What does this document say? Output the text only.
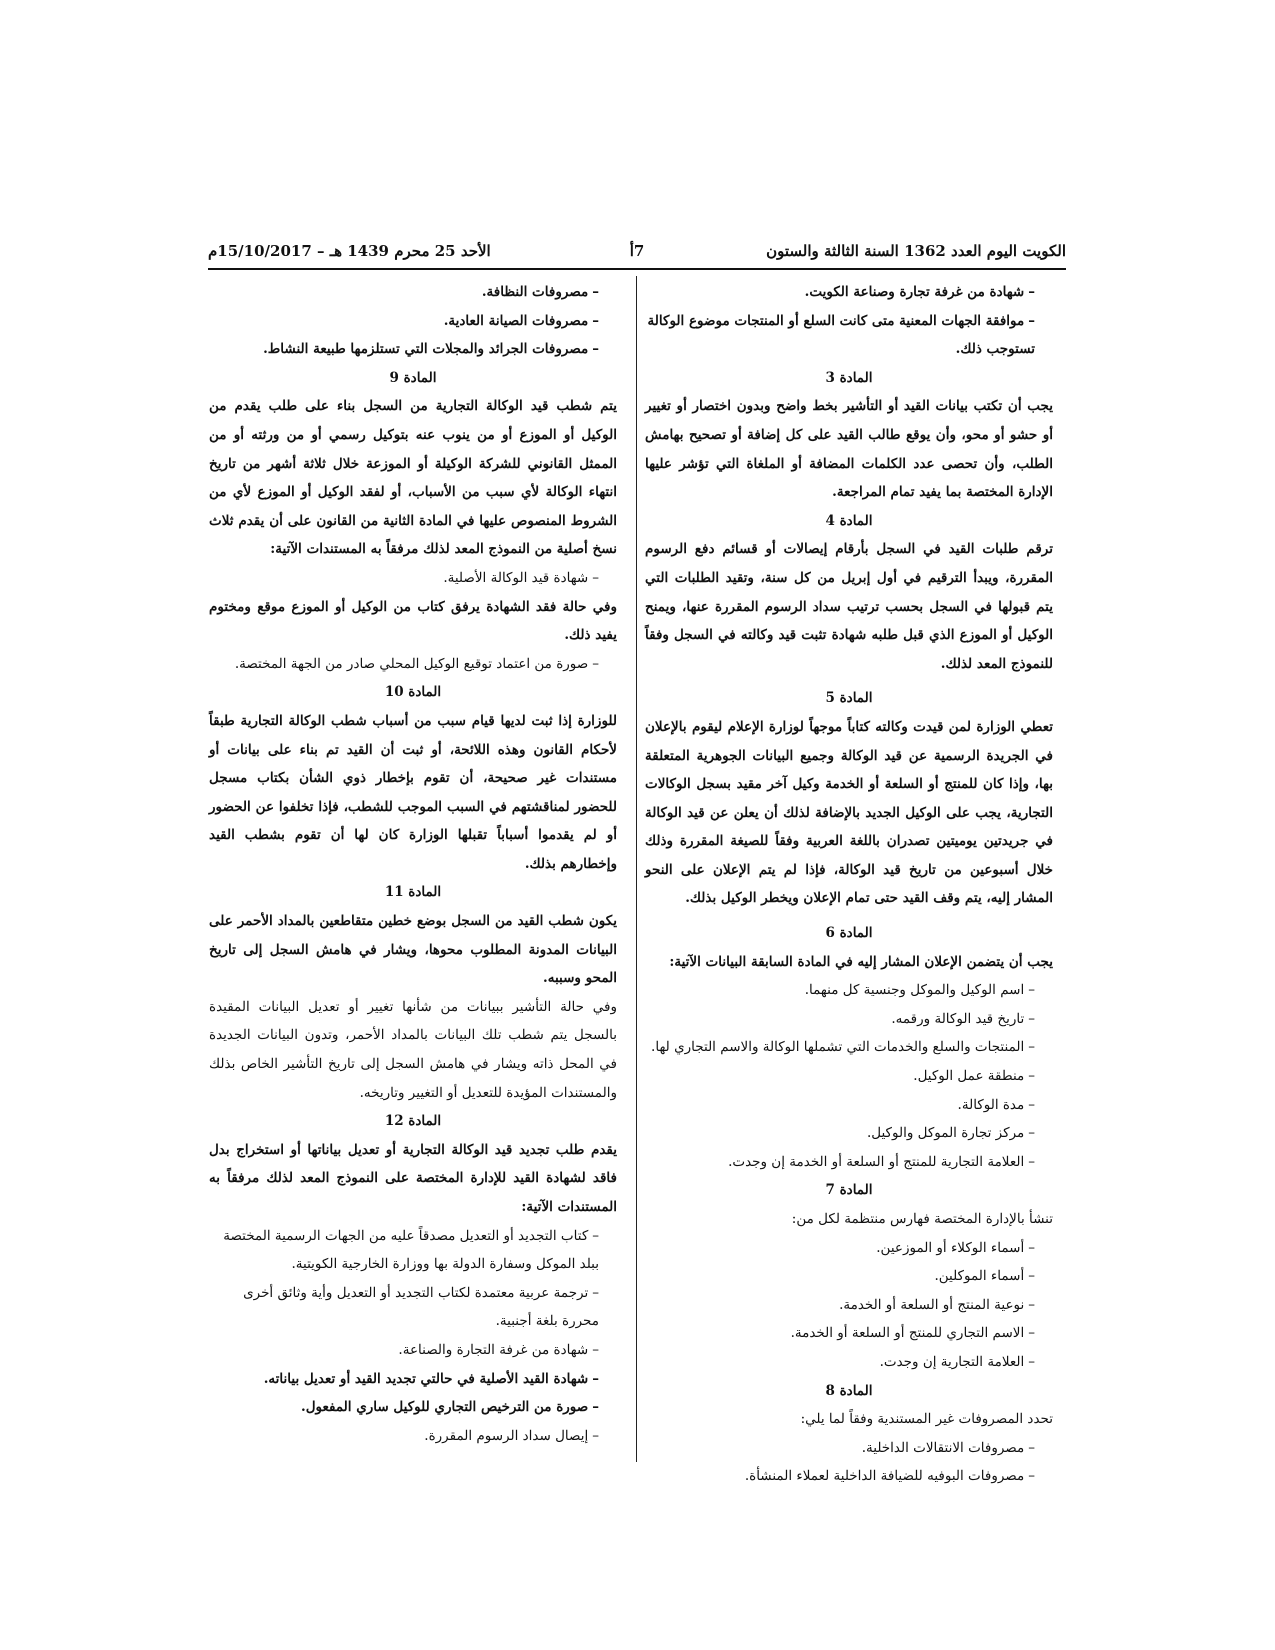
الكويت اليوم العدد 1362 السنة الثالثة والستون
7أ
الأحد 25 محرم 1439 هـ – 15/10/2017م

–شهادة من غرفة تجارة وصناعة الكويت.

–موافقة الجهات المعنية متى كانت السلع أو المنتجات موضوع الوكالة تستوجب ذلك.

المادة 3

يجب أن تكتب بيانات القيد أو التأشير بخط واضح وبدون اختصار أو تغيير أو حشو أو محو، وأن يوقع طالب القيد على كل إضافة أو تصحيح بهامش الطلب، وأن تحصى عدد الكلمات المضافة أو الملغاة التي تؤشر عليها الإدارة المختصة بما يفيد تمام المراجعة.

المادة 4

ترقم طلبات القيد في السجل بأرقام إيصالات أو قسائم دفع الرسوم المقررة، ويبدأ الترقيم في أول إبريل من كل سنة، وتقيد الطلبات التي يتم قبولها في السجل بحسب ترتيب سداد الرسوم المقررة عنها، ويمنح الوكيل أو الموزع الذي قبل طلبه شهادة تثبت قيد وكالته في السجل وفقاً للنموذج المعد لذلك.

المادة 5

تعطي الوزارة لمن قيدت وكالته كتاباً موجهاً لوزارة الإعلام ليقوم بالإعلان في الجريدة الرسمية عن قيد الوكالة وجميع البيانات الجوهرية المتعلقة بها، وإذا كان للمنتج أو السلعة أو الخدمة وكيل آخر مقيد بسجل الوكالات التجارية، يجب على الوكيل الجديد بالإضافة لذلك أن يعلن عن قيد الوكالة في جريدتين يوميتين تصدران باللغة العربية وفقاً للصيغة المقررة وذلك خلال أسبوعين من تاريخ قيد الوكالة، فإذا لم يتم الإعلان على النحو المشار إليه، يتم وقف القيد حتى تمام الإعلان ويخطر الوكيل بذلك.

المادة 6

يجب أن يتضمن الإعلان المشار إليه في المادة السابقة البيانات الآتية:

–اسم الوكيل والموكل وجنسية كل منهما.

–تاريخ قيد الوكالة ورقمه.

–المنتجات والسلع والخدمات التي تشملها الوكالة والاسم التجاري لها.

–منطقة عمل الوكيل.

–مدة الوكالة.

–مركز تجارة الموكل والوكيل.

–العلامة التجارية للمنتج أو السلعة أو الخدمة إن وجدت.

المادة 7

تنشأ بالإدارة المختصة فهارس منتظمة لكل من:

–أسماء الوكلاء أو الموزعين.

–أسماء الموكلين.

–نوعية المنتج أو السلعة أو الخدمة.

–الاسم التجاري للمنتج أو السلعة أو الخدمة.

–العلامة التجارية إن وجدت.

المادة 8

تحدد المصروفات غير المستندية وفقاً لما يلي:

–مصروفات الانتقالات الداخلية.

–مصروفات البوفيه للضيافة الداخلية لعملاء المنشأة.

–مصروفات النظافة.

–مصروفات الصيانة العادية.

–مصروفات الجرائد والمجلات التي تستلزمها طبيعة النشاط.

المادة 9

يتم شطب قيد الوكالة التجارية من السجل بناء على طلب يقدم من الوكيل أو الموزع أو من ينوب عنه بتوكيل رسمي أو من ورثته أو من الممثل القانوني للشركة الوكيلة أو الموزعة خلال ثلاثة أشهر من تاريخ انتهاء الوكالة لأي سبب من الأسباب، أو لفقد الوكيل أو الموزع لأي من الشروط المنصوص عليها في المادة الثانية من القانون على أن يقدم ثلاث نسخ أصلية من النموذج المعد لذلك مرفقاً به المستندات الآتية:

–شهادة قيد الوكالة الأصلية.

وفي حالة فقد الشهادة يرفق كتاب من الوكيل أو الموزع موقع ومختوم يفيد ذلك.

–صورة من اعتماد توقيع الوكيل المحلي صادر من الجهة المختصة.

المادة 10

للوزارة إذا ثبت لديها قيام سبب من أسباب شطب الوكالة التجارية طبقاً لأحكام القانون وهذه اللائحة، أو ثبت أن القيد تم بناء على بيانات أو مستندات غير صحيحة، أن تقوم بإخطار ذوي الشأن بكتاب مسجل للحضور لمناقشتهم في السبب الموجب للشطب، فإذا تخلفوا عن الحضور أو لم يقدموا أسباباً تقبلها الوزارة كان لها أن تقوم بشطب القيد وإخطارهم بذلك.

المادة 11

يكون شطب القيد من السجل بوضع خطين متقاطعين بالمداد الأحمر على البيانات المدونة المطلوب محوها، ويشار في هامش السجل إلى تاريخ المحو وسببه.

وفي حالة التأشير ببيانات من شأنها تغيير أو تعديل البيانات المقيدة بالسجل يتم شطب تلك البيانات بالمداد الأحمر، وتدون البيانات الجديدة في المحل ذاته ويشار في هامش السجل إلى تاريخ التأشير الخاص بذلك والمستندات المؤيدة للتعديل أو التغيير وتاريخه.

المادة 12

يقدم طلب تجديد قيد الوكالة التجارية أو تعديل بياناتها أو استخراج بدل فاقد لشهادة القيد للإدارة المختصة على النموذج المعد لذلك مرفقاً به المستندات الآتية:

–كتاب التجديد أو التعديل مصدقاً عليه من الجهات الرسمية المختصة ببلد الموكل وسفارة الدولة بها ووزارة الخارجية الكويتية.

–ترجمة عربية معتمدة لكتاب التجديد أو التعديل وأية وثائق أخرى محررة بلغة أجنبية.

–شهادة من غرفة التجارة والصناعة.

–شهادة القيد الأصلية في حالتي تجديد القيد أو تعديل بياناته.

–صورة من الترخيص التجاري للوكيل ساري المفعول.

–إيصال سداد الرسوم المقررة.
